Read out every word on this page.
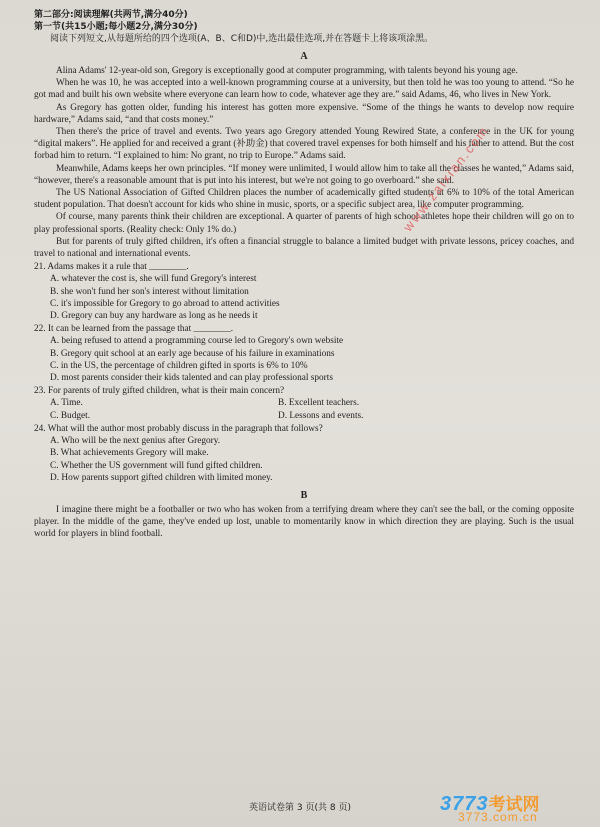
第二部分:阅读理解(共两节,满分40分)
第一节(共15小题;每小题2分,满分30分)

阅读下列短文,从每题所给的四个选项(A、B、C和D)中,选出最佳选项,并在答题卡上将该项涂黑。

A

Alina Adams' 12-year-old son, Gregory is exceptionally good at computer programming, with talents beyond his young age.

When he was 10, he was accepted into a well-known programming course at a university, but then told he was too young to attend. “So he got mad and built his own website where everyone can learn how to code, whatever age they are.” said Adams, 46, who lives in New York.

As Gregory has gotten older, funding his interest has gotten more expensive. “Some of the things he wants to develop now require hardware,” Adams said, “and that costs money.”

Then there's the price of travel and events. Two years ago Gregory attended Young Rewired State, a conference in the UK for young “digital makers”. He applied for and received a grant (补助金) that covered travel expenses for both himself and his father to attend. But the cost forbad him to return. “I explained to him: No grant, no trip to Europe.” Adams said.

Meanwhile, Adams keeps her own principles. “If money were unlimited, I would allow him to take all the classes he wanted,” Adams said, “however, there's a reasonable amount that is put into his interest, but we're not going to go overboard.” she said.

The US National Association of Gifted Children places the number of academically gifted students at 6% to 10% of the total American student population. That doesn't account for kids who shine in music, sports, or a specific subject area, like computer programming.

Of course, many parents think their children are exceptional. A quarter of parents of high school athletes hope their children will go on to play professional sports. (Reality check: Only 1% do.)

But for parents of truly gifted children, it's often a financial struggle to balance a limited budget with private lessons, pricey coaches, and travel to national and international events.

21. Adams makes it a rule that ________.

A. whatever the cost is, she will fund Gregory's interest

B. she won't fund her son's interest without limitation

C. it's impossible for Gregory to go abroad to attend activities

D. Gregory can buy any hardware as long as he needs it

22. It can be learned from the passage that ________.

A. being refused to attend a programming course led to Gregory's own website

B. Gregory quit school at an early age because of his failure in examinations

C. in the US, the percentage of children gifted in sports is 6% to 10%

D. most parents consider their kids talented and can play professional sports

23. For parents of truly gifted children, what is their main concern?

A. Time.	B. Excellent teachers.
C. Budget.	D. Lessons and events.

24. What will the author most probably discuss in the paragraph that follows?

A. Who will be the next genius after Gregory.

B. What achievements Gregory will make.

C. Whether the US government will fund gifted children.

D. How parents support gifted children with limited money.

B

I imagine there might be a footballer or two who has woken from a terrifying dream where they can't see the ball, or the coming opposite player. In the middle of the game, they've ended up lost, unable to momentarily know in which direction they are playing. Such is the usual world for players in blind football.

www.zaixian.com
英语试卷第 3 页(共 8 页)	3773考试网
3773.com.cn
